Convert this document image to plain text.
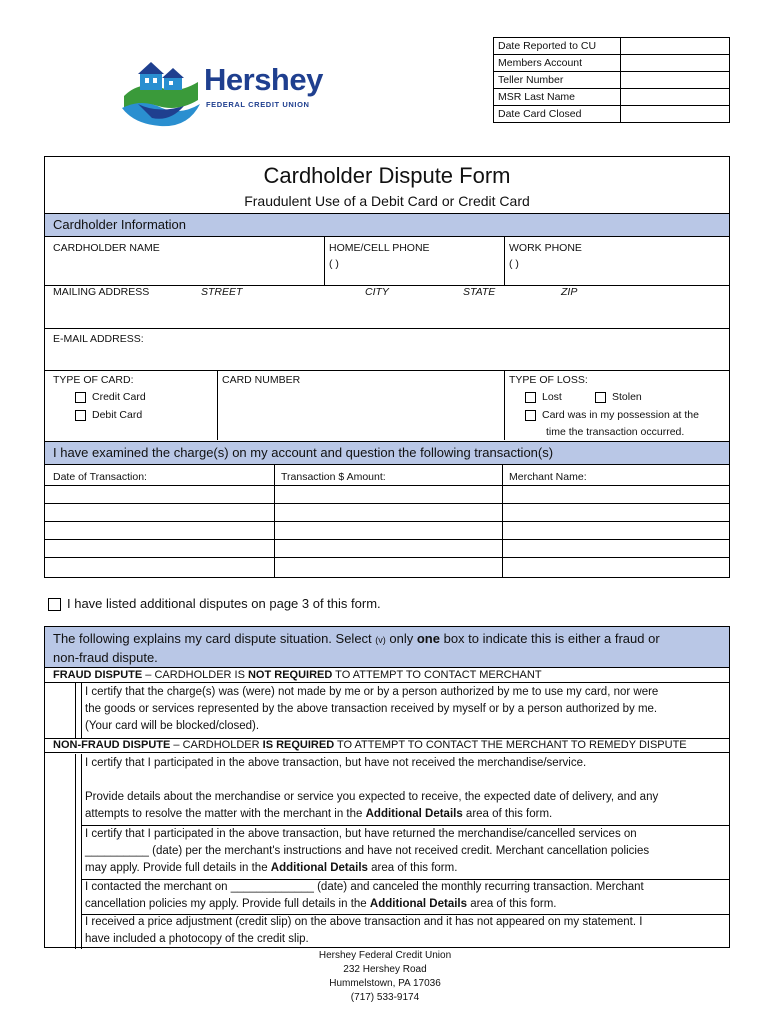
Hershey
FEDERAL CREDIT UNION
Date Reported to CU	
Members Account	
Teller Number	
MSR Last Name	
Date Card Closed	
Cardholder Dispute Form
Fraudulent Use of a Debit Card or Credit Card
Cardholder Information
CARDHOLDER NAME	HOME/CELL PHONE
( )
WORK PHONE
( )
MAILING ADDRESS	STREET	CITY	STATE	ZIP
E-MAIL ADDRESS:
TYPE OF CARD:
Credit Card
Debit Card
CARD NUMBER	TYPE OF LOSS:
Lost	Stolen
Card was in my possession at the
time the transaction occurred.
I have examined the charge(s) on my account and question the following transaction(s)
Date of Transaction:	Transaction $ Amount:	Merchant Name:
I have listed additional disputes on page 3 of this form.
The following explains my card dispute situation. Select (v) only one box to indicate this is either a fraud or
non-fraud dispute.
FRAUD DISPUTE – CARDHOLDER IS NOT REQUIRED TO ATTEMPT TO CONTACT MERCHANT
I certify that the charge(s) was (were) not made by me or by a person authorized by me to use my card, nor were
the goods or services represented by the above transaction received by myself or by a person authorized by me.
(Your card will be blocked/closed).
NON-FRAUD DISPUTE – CARDHOLDER IS REQUIRED TO ATTEMPT TO CONTACT THE MERCHANT TO REMEDY DISPUTE
I certify that I participated in the above transaction, but have not received the merchandise/service.
Provide details about the merchandise or service you expected to receive, the expected date of delivery, and any
attempts to resolve the matter with the merchant in the Additional Details area of this form.
I certify that I participated in the above transaction, but have returned the merchandise/cancelled services on
__________ (date) per the merchant's instructions and have not received credit. Merchant cancellation policies
may apply. Provide full details in the Additional Details area of this form.
I contacted the merchant on _____________ (date) and canceled the monthly recurring transaction. Merchant
cancellation policies my apply. Provide full details in the Additional Details area of this form.
I received a price adjustment (credit slip) on the above transaction and it has not appeared on my statement. I
have included a photocopy of the credit slip.
Hershey Federal Credit Union
232 Hershey Road
Hummelstown, PA 17036
(717) 533-9174
